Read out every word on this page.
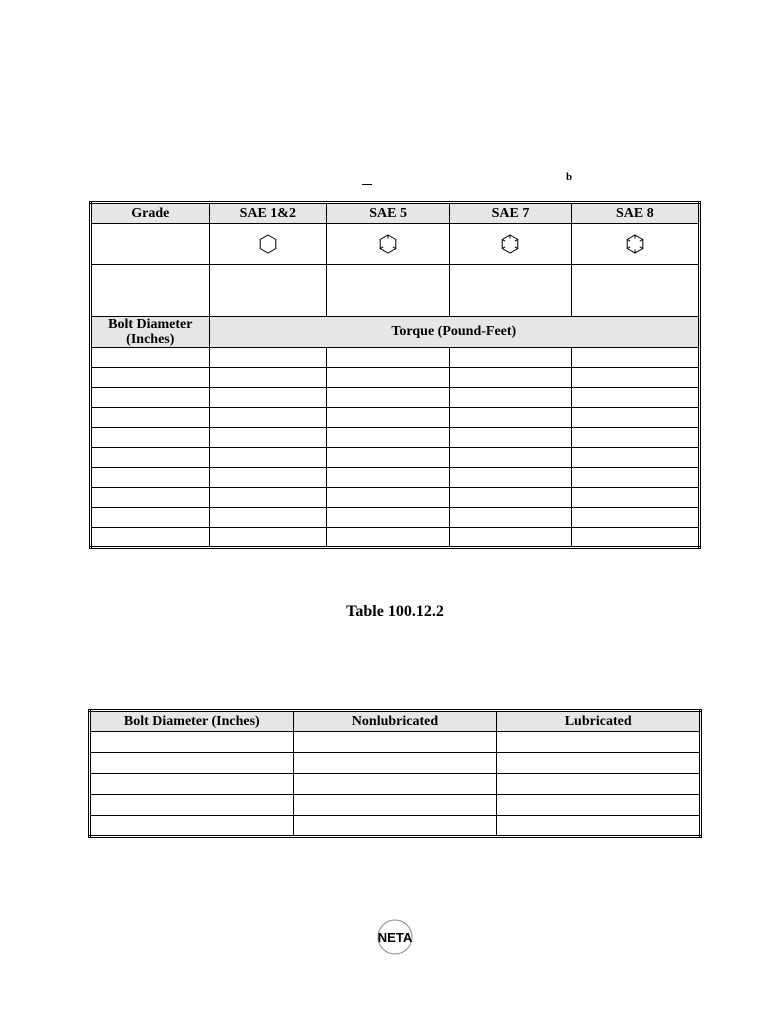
b
Grade	SAE 1&2	SAE 5	SAE 7	SAE 8

Bolt Diameter (Inches)	Torque (Pound-Feet)			

Table 100.12.2
Bolt Diameter (Inches)	Nonlubricated	Lubricated

NETA
